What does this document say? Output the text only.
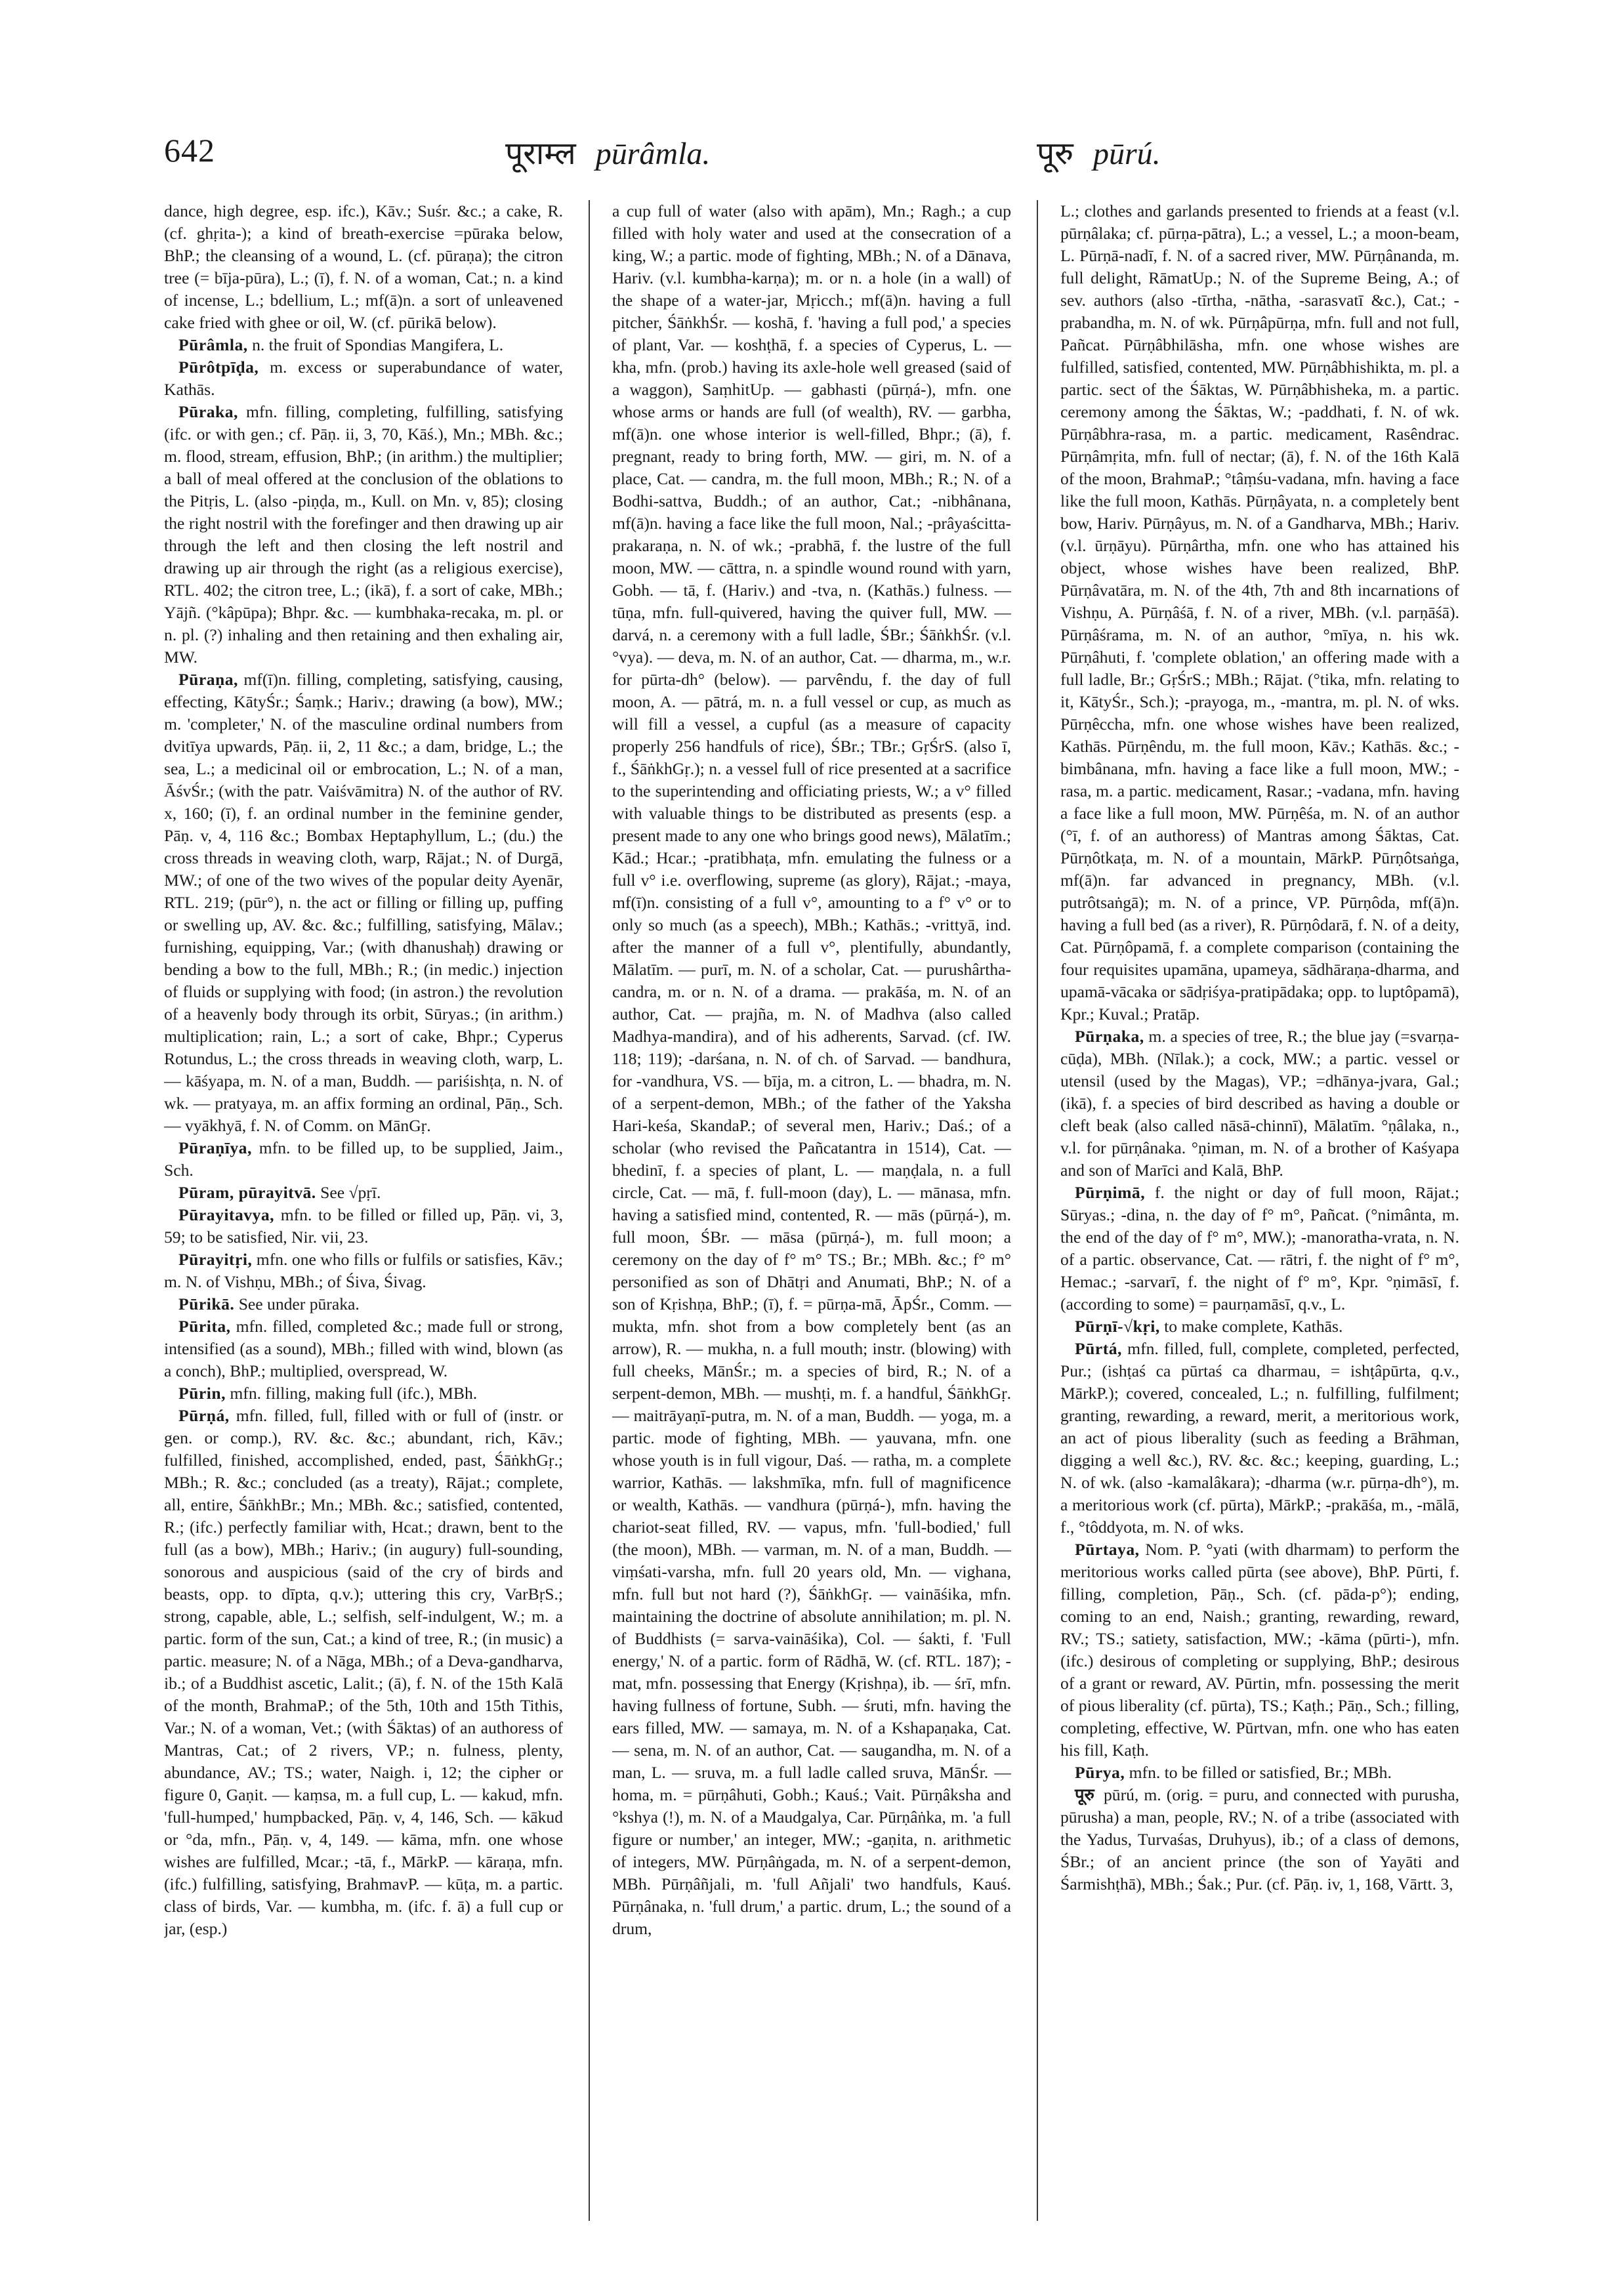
642	पूराम्ल pūrâmla.	पूरु pūrú.

dance, high degree, esp. ifc.), Kāv.; Suśr. &c.; a cake, R. (cf. ghṛita-); a kind of breath-exercise =pūraka below, BhP.; the cleansing of a wound, L. (cf. pūraṇa); the citron tree (= bīja-pūra), L.; (ī), f. N. of a woman, Cat.; n. a kind of incense, L.; bdellium, L.; mf(ā)n. a sort of unleavened cake fried with ghee or oil, W. (cf. pūrikā below).

Pūrâmla, n. the fruit of Spondias Mangifera, L.

Pūrôtpīḍa, m. excess or superabundance of water, Kathās.

Pūraka, mfn. filling, completing, fulfilling, satisfying (ifc. or with gen.; cf. Pāṇ. ii, 3, 70, Kāś.), Mn.; MBh. &c.; m. flood, stream, effusion, BhP.; (in arithm.) the multiplier; a ball of meal offered at the conclusion of the oblations to the Pitṛis, L. (also -piṇḍa, m., Kull. on Mn. v, 85); closing the right nostril with the forefinger and then drawing up air through the left and then closing the left nostril and drawing up air through the right (as a religious exercise), RTL. 402; the citron tree, L.; (ikā), f. a sort of cake, MBh.; Yājñ. (°kâpūpa); Bhpr. &c. — kumbhaka-recaka, m. pl. or n. pl. (?) inhaling and then retaining and then exhaling air, MW.

Pūraṇa, mf(ī)n. filling, completing, satisfying, causing, effecting, KātyŚr.; Śaṃk.; Hariv.; drawing (a bow), MW.; m. 'completer,' N. of the masculine ordinal numbers from dvitīya upwards, Pāṇ. ii, 2, 11 &c.; a dam, bridge, L.; the sea, L.; a medicinal oil or embrocation, L.; N. of a man, ĀśvŚr.; (with the patr. Vaiśvāmitra) N. of the author of RV. x, 160; (ī), f. an ordinal number in the feminine gender, Pāṇ. v, 4, 116 &c.; Bombax Heptaphyllum, L.; (du.) the cross threads in weaving cloth, warp, Rājat.; N. of Durgā, MW.; of one of the two wives of the popular deity Ayenār, RTL. 219; (pūr°), n. the act or filling or filling up, puffing or swelling up, AV. &c. &c.; fulfilling, satisfying, Mālav.; furnishing, equipping, Var.; (with dhanushaḥ) drawing or bending a bow to the full, MBh.; R.; (in medic.) injection of fluids or supplying with food; (in astron.) the revolution of a heavenly body through its orbit, Sūryas.; (in arithm.) multiplication; rain, L.; a sort of cake, Bhpr.; Cyperus Rotundus, L.; the cross threads in weaving cloth, warp, L. — kāśyapa, m. N. of a man, Buddh. — pariśishṭa, n. N. of wk. — pratyaya, m. an affix forming an ordinal, Pāṇ., Sch. — vyākhyā, f. N. of Comm. on MānGṛ.

Pūraṇīya, mfn. to be filled up, to be supplied, Jaim., Sch.

Pūram, pūrayitvā. See √pṛī.

Pūrayitavya, mfn. to be filled or filled up, Pāṇ. vi, 3, 59; to be satisfied, Nir. vii, 23.

Pūrayitṛi, mfn. one who fills or fulfils or satisfies, Kāv.; m. N. of Vishṇu, MBh.; of Śiva, Śivag.

Pūrikā. See under pūraka.

Pūrita, mfn. filled, completed &c.; made full or strong, intensified (as a sound), MBh.; filled with wind, blown (as a conch), BhP.; multiplied, overspread, W.

Pūrin, mfn. filling, making full (ifc.), MBh.

Pūrṇá, mfn. filled, full, filled with or full of (instr. or gen. or comp.), RV. &c. &c.; abundant, rich, Kāv.; fulfilled, finished, accomplished, ended, past, ŚāṅkhGṛ.; MBh.; R. &c.; concluded (as a treaty), Rājat.; complete, all, entire, ŚāṅkhBr.; Mn.; MBh. &c.; satisfied, contented, R.; (ifc.) perfectly familiar with, Hcat.; drawn, bent to the full (as a bow), MBh.; Hariv.; (in augury) full-sounding, sonorous and auspicious (said of the cry of birds and beasts, opp. to dīpta, q.v.); uttering this cry, VarBṛS.; strong, capable, able, L.; selfish, self-indulgent, W.; m. a partic. form of the sun, Cat.; a kind of tree, R.; (in music) a partic. measure; N. of a Nāga, MBh.; of a Deva-gandharva, ib.; of a Buddhist ascetic, Lalit.; (ā), f. N. of the 15th Kalā of the month, BrahmaP.; of the 5th, 10th and 15th Tithis, Var.; N. of a woman, Vet.; (with Śāktas) of an authoress of Mantras, Cat.; of 2 rivers, VP.; n. fulness, plenty, abundance, AV.; TS.; water, Naigh. i, 12; the cipher or figure 0, Gaṇit. — kaṃsa, m. a full cup, L. — kakud, mfn. 'full-humped,' humpbacked, Pāṇ. v, 4, 146, Sch. — kākud or °da, mfn., Pāṇ. v, 4, 149. — kāma, mfn. one whose wishes are fulfilled, Mcar.; -tā, f., MārkP. — kāraṇa, mfn. (ifc.) fulfilling, satisfying, BrahmavP. — kūṭa, m. a partic. class of birds, Var. — kumbha, m. (ifc. f. ā) a full cup or jar, (esp.)

a cup full of water (also with apām), Mn.; Ragh.; a cup filled with holy water and used at the consecration of a king, W.; a partic. mode of fighting, MBh.; N. of a Dānava, Hariv. (v.l. kumbha-karṇa); m. or n. a hole (in a wall) of the shape of a water-jar, Mṛicch.; mf(ā)n. having a full pitcher, ŚāṅkhŚr. — koshā, f. 'having a full pod,' a species of plant, Var. — koshṭhā, f. a species of Cyperus, L. — kha, mfn. (prob.) having its axle-hole well greased (said of a waggon), SaṃhitUp. — gabhasti (pūrṇá-), mfn. one whose arms or hands are full (of wealth), RV. — garbha, mf(ā)n. one whose interior is well-filled, Bhpr.; (ā), f. pregnant, ready to bring forth, MW. — giri, m. N. of a place, Cat. — candra, m. the full moon, MBh.; R.; N. of a Bodhi-sattva, Buddh.; of an author, Cat.; -nibhânana, mf(ā)n. having a face like the full moon, Nal.; -prâyaścitta-prakaraṇa, n. N. of wk.; -prabhā, f. the lustre of the full moon, MW. — cāttra, n. a spindle wound round with yarn, Gobh. — tā, f. (Hariv.) and -tva, n. (Kathās.) fulness. — tūṇa, mfn. full-quivered, having the quiver full, MW. — darvá, n. a ceremony with a full ladle, ŚBr.; ŚāṅkhŚr. (v.l. °vya). — deva, m. N. of an author, Cat. — dharma, m., w.r. for pūrta-dh° (below). — parvêndu, f. the day of full moon, A. — pātrá, m. n. a full vessel or cup, as much as will fill a vessel, a cupful (as a measure of capacity properly 256 handfuls of rice), ŚBr.; TBr.; GṛŚrS. (also ī, f., ŚāṅkhGṛ.); n. a vessel full of rice presented at a sacrifice to the superintending and officiating priests, W.; a v° filled with valuable things to be distributed as presents (esp. a present made to any one who brings good news), Mālatīm.; Kād.; Hcar.; -pratibhaṭa, mfn. emulating the fulness or a full v° i.e. overflowing, supreme (as glory), Rājat.; -maya, mf(ī)n. consisting of a full v°, amounting to a f° v° or to only so much (as a speech), MBh.; Kathās.; -vrittyā, ind. after the manner of a full v°, plentifully, abundantly, Mālatīm. — purī, m. N. of a scholar, Cat. — purushârtha-candra, m. or n. N. of a drama. — prakāśa, m. N. of an author, Cat. — prajña, m. N. of Madhva (also called Madhya-mandira), and of his adherents, Sarvad. (cf. IW. 118; 119); -darśana, n. N. of ch. of Sarvad. — bandhura, for -vandhura, VS. — bīja, m. a citron, L. — bhadra, m. N. of a serpent-demon, MBh.; of the father of the Yaksha Hari-keśa, SkandaP.; of several men, Hariv.; Daś.; of a scholar (who revised the Pañcatantra in 1514), Cat. — bhedinī, f. a species of plant, L. — maṇḍala, n. a full circle, Cat. — mā, f. full-moon (day), L. — mānasa, mfn. having a satisfied mind, contented, R. — mās (pūrṇá-), m. full moon, ŚBr. — māsa (pūrṇá-), m. full moon; a ceremony on the day of f° m° TS.; Br.; MBh. &c.; f° m° personified as son of Dhātṛi and Anumati, BhP.; N. of a son of Kṛishṇa, BhP.; (ī), f. = pūrṇa-mā, ĀpŚr., Comm. — mukta, mfn. shot from a bow completely bent (as an arrow), R. — mukha, n. a full mouth; instr. (blowing) with full cheeks, MānŚr.; m. a species of bird, R.; N. of a serpent-demon, MBh. — mushṭi, m. f. a handful, ŚāṅkhGṛ. — maitrāyaṇī-putra, m. N. of a man, Buddh. — yoga, m. a partic. mode of fighting, MBh. — yauvana, mfn. one whose youth is in full vigour, Daś. — ratha, m. a complete warrior, Kathās. — lakshmīka, mfn. full of magnificence or wealth, Kathās. — vandhura (pūrṇá-), mfn. having the chariot-seat filled, RV. — vapus, mfn. 'full-bodied,' full (the moon), MBh. — varman, m. N. of a man, Buddh. — viṃśati-varsha, mfn. full 20 years old, Mn. — vighana, mfn. full but not hard (?), ŚāṅkhGṛ. — vaināśika, mfn. maintaining the doctrine of absolute annihilation; m. pl. N. of Buddhists (= sarva-vaināśika), Col. — śakti, f. 'Full energy,' N. of a partic. form of Rādhā, W. (cf. RTL. 187); -mat, mfn. possessing that Energy (Kṛishṇa), ib. — śrī, mfn. having fullness of fortune, Subh. — śruti, mfn. having the ears filled, MW. — samaya, m. N. of a Kshapaṇaka, Cat. — sena, m. N. of an author, Cat. — saugandha, m. N. of a man, L. — sruva, m. a full ladle called sruva, MānŚr. — homa, m. = pūrṇâhuti, Gobh.; Kauś.; Vait. Pūrṇâksha and °kshya (!), m. N. of a Maudgalya, Car. Pūrṇâṅka, m. 'a full figure or number,' an integer, MW.; -gaṇita, n. arithmetic of integers, MW. Pūrṇâṅgada, m. N. of a serpent-demon, MBh. Pūrṇâñjali, m. 'full Añjali' two handfuls, Kauś. Pūrṇânaka, n. 'full drum,' a partic. drum, L.; the sound of a drum,

L.; clothes and garlands presented to friends at a feast (v.l. pūrṇâlaka; cf. pūrṇa-pātra), L.; a vessel, L.; a moon-beam, L. Pūrṇā-nadī, f. N. of a sacred river, MW. Pūrṇânanda, m. full delight, RāmatUp.; N. of the Supreme Being, A.; of sev. authors (also -tīrtha, -nātha, -sarasvatī &c.), Cat.; -prabandha, m. N. of wk. Pūrṇâpūrṇa, mfn. full and not full, Pañcat. Pūrṇâbhilāsha, mfn. one whose wishes are fulfilled, satisfied, contented, MW. Pūrṇâbhishikta, m. pl. a partic. sect of the Śāktas, W. Pūrṇâbhisheka, m. a partic. ceremony among the Śāktas, W.; -paddhati, f. N. of wk. Pūrṇâbhra-rasa, m. a partic. medicament, Rasêndrac. Pūrṇâmṛita, mfn. full of nectar; (ā), f. N. of the 16th Kalā of the moon, BrahmaP.; °tâṃśu-vadana, mfn. having a face like the full moon, Kathās. Pūrṇâyata, n. a completely bent bow, Hariv. Pūrṇâyus, m. N. of a Gandharva, MBh.; Hariv. (v.l. ūrṇāyu). Pūrṇârtha, mfn. one who has attained his object, whose wishes have been realized, BhP. Pūrṇâvatāra, m. N. of the 4th, 7th and 8th incarnations of Vishṇu, A. Pūrṇâśā, f. N. of a river, MBh. (v.l. parṇāśā). Pūrṇâśrama, m. N. of an author, °mīya, n. his wk. Pūrṇâhuti, f. 'complete oblation,' an offering made with a full ladle, Br.; GṛŚrS.; MBh.; Rājat. (°tika, mfn. relating to it, KātyŚr., Sch.); -prayoga, m., -mantra, m. pl. N. of wks. Pūrṇêccha, mfn. one whose wishes have been realized, Kathās. Pūrṇêndu, m. the full moon, Kāv.; Kathās. &c.; -bimbânana, mfn. having a face like a full moon, MW.; -rasa, m. a partic. medicament, Rasar.; -vadana, mfn. having a face like a full moon, MW. Pūrṇêśa, m. N. of an author (°ī, f. of an authoress) of Mantras among Śāktas, Cat. Pūrṇôtkaṭa, m. N. of a mountain, MārkP. Pūrṇôtsaṅga, mf(ā)n. far advanced in pregnancy, MBh. (v.l. putrôtsaṅgā); m. N. of a prince, VP. Pūrṇôda, mf(ā)n. having a full bed (as a river), R. Pūrṇôdarā, f. N. of a deity, Cat. Pūrṇôpamā, f. a complete comparison (containing the four requisites upamāna, upameya, sādhāraṇa-dharma, and upamā-vācaka or sādṛiśya-pratipādaka; opp. to luptôpamā), Kpr.; Kuval.; Pratāp.

Pūrṇaka, m. a species of tree, R.; the blue jay (=svarṇa-cūḍa), MBh. (Nīlak.); a cock, MW.; a partic. vessel or utensil (used by the Magas), VP.; =dhānya-jvara, Gal.; (ikā), f. a species of bird described as having a double or cleft beak (also called nāsā-chinnī), Mālatīm. °ṇâlaka, n., v.l. for pūrṇânaka. °ṇiman, m. N. of a brother of Kaśyapa and son of Marīci and Kalā, BhP.

Pūrṇimā, f. the night or day of full moon, Rājat.; Sūryas.; -dina, n. the day of f° m°, Pañcat. (°nimânta, m. the end of the day of f° m°, MW.); -manoratha-vrata, n. N. of a partic. observance, Cat. — rātri, f. the night of f° m°, Hemac.; -sarvarī, f. the night of f° m°, Kpr. °ṇimāsī, f. (according to some) = paurṇamāsī, q.v., L.

Pūrṇī-√kṛi, to make complete, Kathās.

Pūrtá, mfn. filled, full, complete, completed, perfected, Pur.; (ishṭaś ca pūrtaś ca dharmau, = ishṭâpūrta, q.v., MārkP.); covered, concealed, L.; n. fulfilling, fulfilment; granting, rewarding, a reward, merit, a meritorious work, an act of pious liberality (such as feeding a Brāhman, digging a well &c.), RV. &c. &c.; keeping, guarding, L.; N. of wk. (also -kamalâkara); -dharma (w.r. pūrṇa-dh°), m. a meritorious work (cf. pūrta), MārkP.; -prakāśa, m., -mālā, f., °tôddyota, m. N. of wks.

Pūrtaya, Nom. P. °yati (with dharmam) to perform the meritorious works called pūrta (see above), BhP. Pūrti, f. filling, completion, Pāṇ., Sch. (cf. pāda-p°); ending, coming to an end, Naish.; granting, rewarding, reward, RV.; TS.; satiety, satisfaction, MW.; -kāma (pūrti-), mfn. (ifc.) desirous of completing or supplying, BhP.; desirous of a grant or reward, AV. Pūrtin, mfn. possessing the merit of pious liberality (cf. pūrta), TS.; Kaṭh.; Pāṇ., Sch.; filling, completing, effective, W. Pūrtvan, mfn. one who has eaten his fill, Kaṭh.

Pūrya, mfn. to be filled or satisfied, Br.; MBh.

पूरु pūrú, m. (orig. = puru, and connected with purusha, pūrusha) a man, people, RV.; N. of a tribe (associated with the Yadus, Turvaśas, Druhyus), ib.; of a class of demons, ŚBr.; of an ancient prince (the son of Yayāti and Śarmishṭhā), MBh.; Śak.; Pur. (cf. Pāṇ. iv, 1, 168, Vārtt. 3,
